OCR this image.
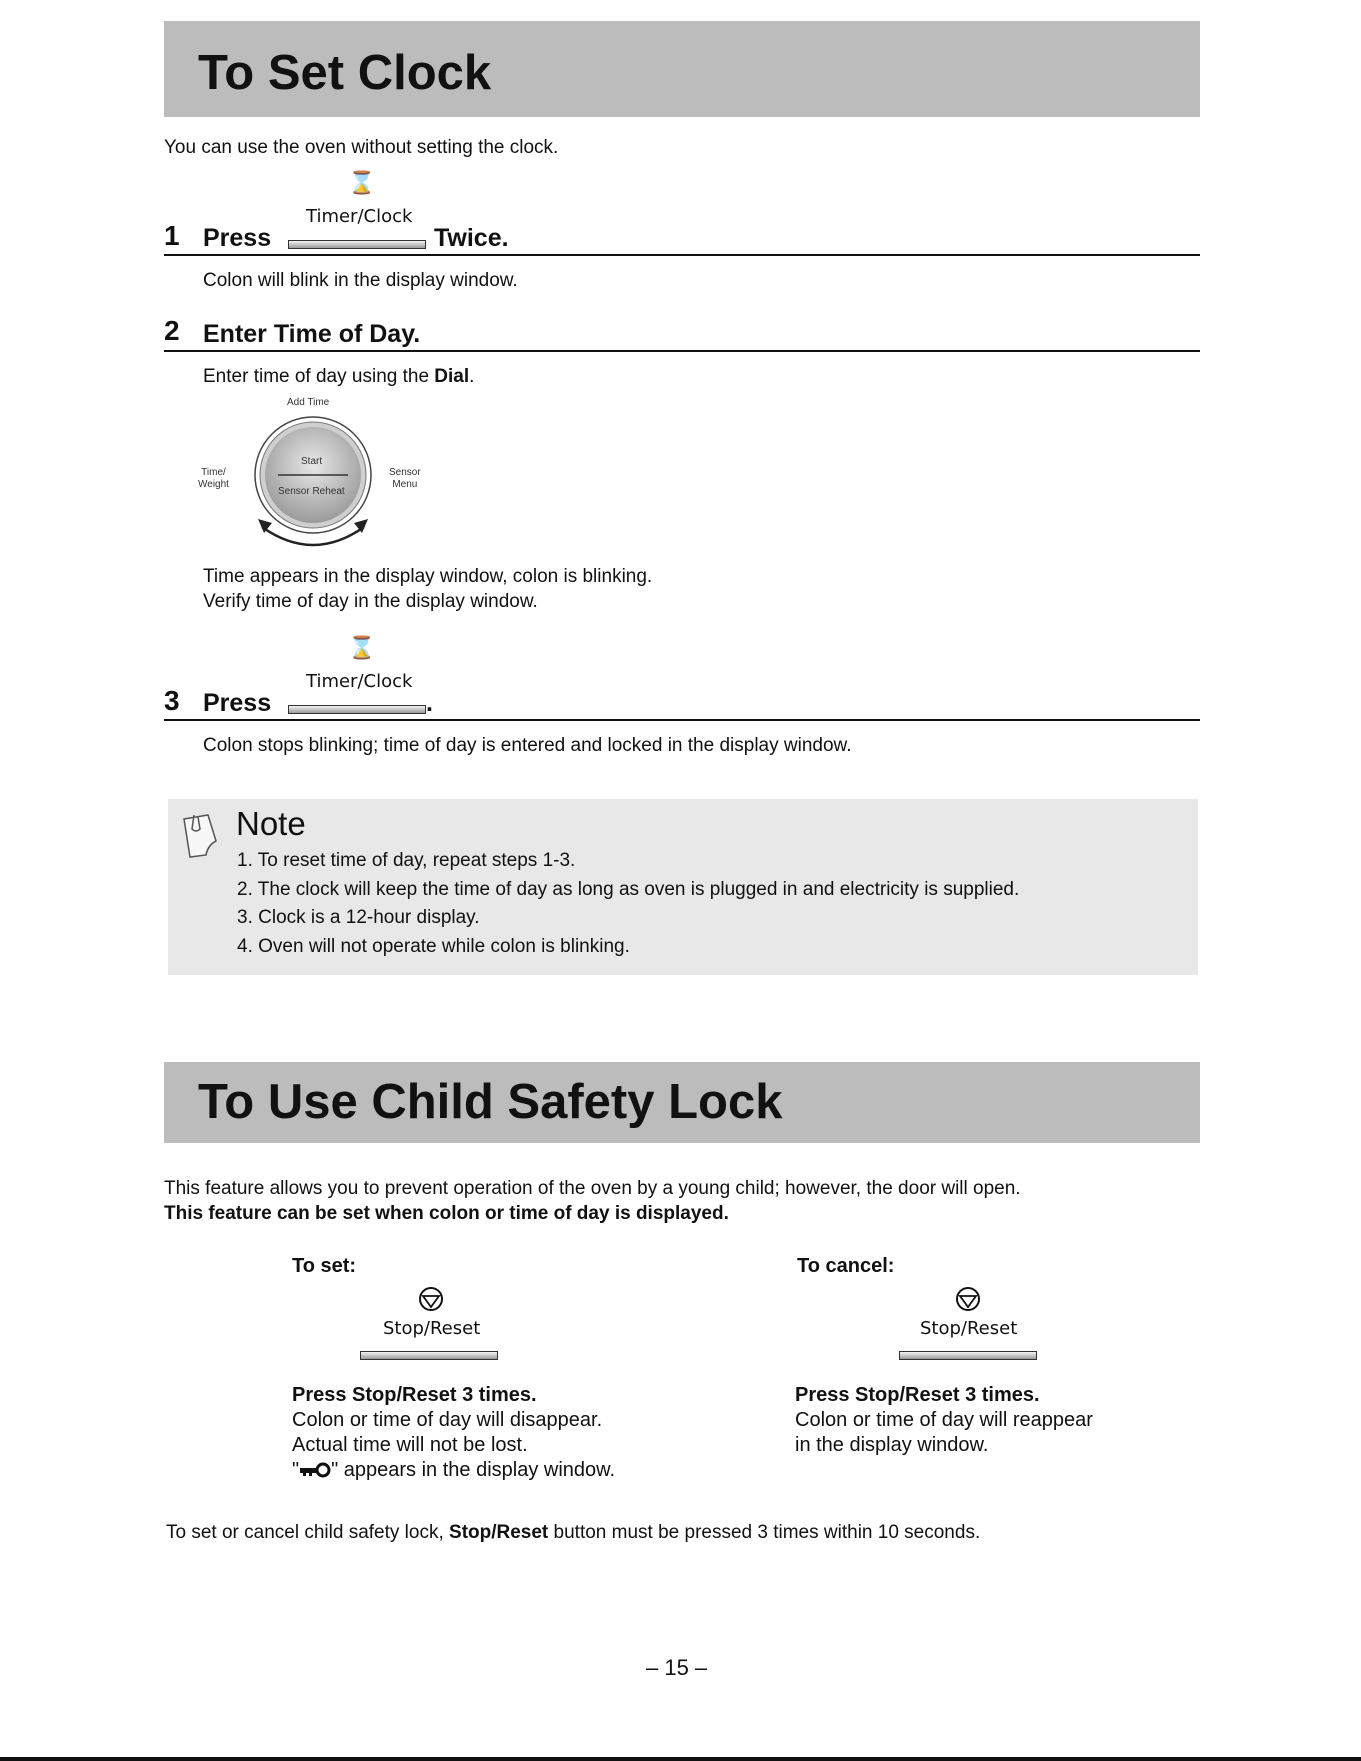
To Set Clock
You can use the oven without setting the clock.
⌛
Timer/Clock
1 Press	Twice.
Colon will blink in the display window.
2 Enter Time of Day.
Enter time of day using the Dial.
Add Time
Time/
Weight
Sensor
Menu
Start
Sensor Reheat
Time appears in the display window, colon is blinking.
Verify time of day in the display window.
⌛
Timer/Clock
3 Press	.
Colon stops blinking; time of day is entered and locked in the display window.
Note
1. To reset time of day, repeat steps 1-3.
2. The clock will keep the time of day as long as oven is plugged in and electricity is supplied.
3. Clock is a 12-hour display.
4. Oven will not operate while colon is blinking.
To Use Child Safety Lock
This feature allows you to prevent operation of the oven by a young child; however, the door will open.
This feature can be set when colon or time of day is displayed.
To set:
Stop/Reset
Press Stop/Reset 3 times.
Colon or time of day will disappear.
Actual time will not be lost.
" " appears in the display window.
To cancel:
Stop/Reset
Press Stop/Reset 3 times.
Colon or time of day will reappear
in the display window.
To set or cancel child safety lock, Stop/Reset button must be pressed 3 times within 10 seconds.
– 15 –
